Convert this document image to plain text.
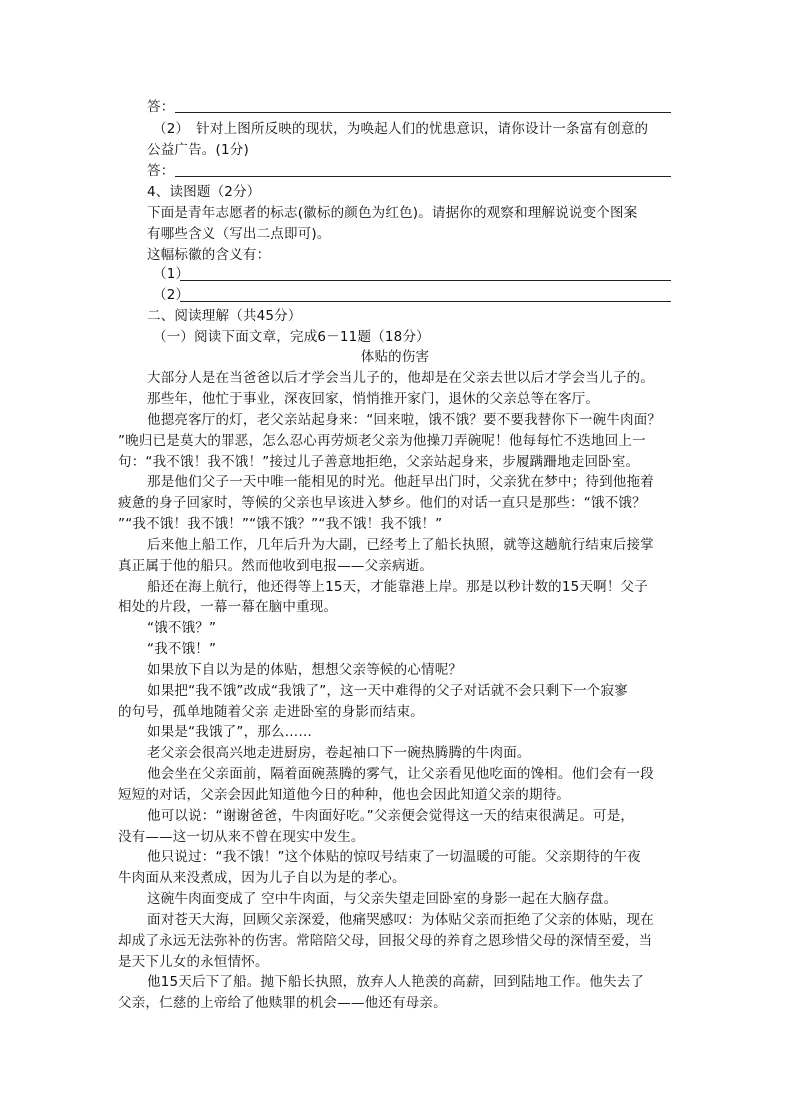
答：
（2）　针对上图所反映的现状，为唤起人们的忧患意识，请你设计一条富有创意的
公益广告。(1分)
答：
4、读图题（2分）
下面是青年志愿者的标志(徽标的颜色为红色)。请据你的观察和理解说说变个图案
有哪些含义（写出二点即可)。
这幅标徽的含义有：
（1）
（2）
二、阅读理解（共45分）
（一）阅读下面文章，完成6－11题（18分）
体贴的伤害
大部分人是在当爸爸以后才学会当儿子的，他却是在父亲去世以后才学会当儿子的。
那些年，他忙于事业，深夜回家，悄悄推开家门，退休的父亲总等在客厅。
他摁亮客厅的灯，老父亲站起身来：“回来啦，饿不饿？要不要我替你下一碗牛肉面？
”晚归已是莫大的罪恶，怎么忍心再劳烦老父亲为他操刀弄碗呢！他每每忙不迭地回上一
句：“我不饿！我不饿！”接过儿子善意地拒绝，父亲站起身来，步履蹒跚地走回卧室。
那是他们父子一天中唯一能相见的时光。他赶早出门时，父亲犹在梦中；待到他拖着
疲惫的身子回家时，等候的父亲也早该进入梦乡。他们的对话一直只是那些：“饿不饿？
”“我不饿！我不饿！”“饿不饿？”“我不饿！我不饿！”
后来他上船工作，几年后升为大副，已经考上了船长执照，就等这趟航行结束后接掌
真正属于他的船只。然而他收到电报——父亲病逝。
船还在海上航行，他还得等上15天，才能靠港上岸。那是以秒计数的15天啊！父子
相处的片段，一幕一幕在脑中重现。
“饿不饿？”
“我不饿！”
如果放下自以为是的体贴，想想父亲等候的心情呢？
如果把“我不饿”改成“我饿了”，这一天中难得的父子对话就不会只剩下一个寂寥
的句号，孤单地随着父亲 走进卧室的身影而结束。
如果是“我饿了”，那么……
老父亲会很高兴地走进厨房，卷起袖口下一碗热腾腾的牛肉面。
他会坐在父亲面前，隔着面碗蒸腾的雾气，让父亲看见他吃面的馋相。他们会有一段
短短的对话，父亲会因此知道他今日的种种，他也会因此知道父亲的期待。
他可以说：“谢谢爸爸，牛肉面好吃。”父亲便会觉得这一天的结束很满足。可是，
没有——这一切从来不曾在现实中发生。
他只说过：“我不饿！”这个体贴的惊叹号结束了一切温暖的可能。父亲期待的午夜
牛肉面从来没煮成，因为儿子自以为是的孝心。
这碗牛肉面变成了 空中牛肉面，与父亲失望走回卧室的身影一起在大脑存盘。
面对苍天大海，回顾父亲深爱，他痛哭感叹：为体贴父亲而拒绝了父亲的体贴，现在
却成了永远无法弥补的伤害。常陪陪父母，回报父母的养育之恩珍惜父母的深情至爱，当
是天下儿女的永恒情怀。
他15天后下了船。抛下船长执照，放弃人人艳羡的高薪，回到陆地工作。他失去了
父亲，仁慈的上帝给了他赎罪的机会——他还有母亲。
